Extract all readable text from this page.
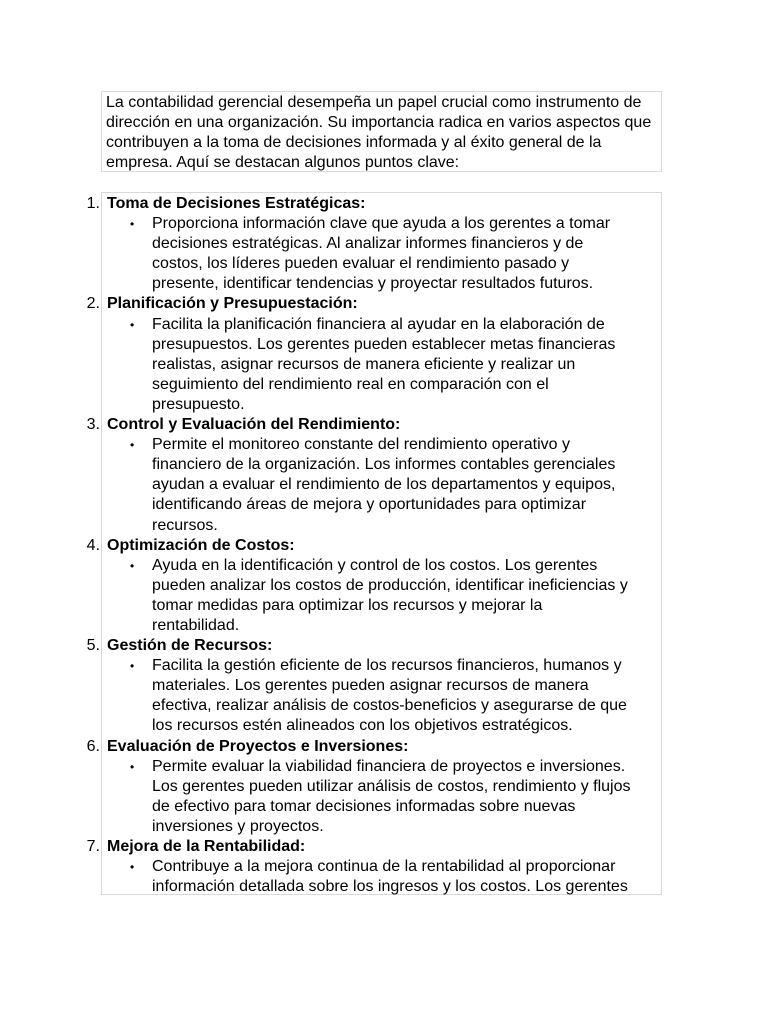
La contabilidad gerencial desempeña un papel crucial como instrumento de dirección en una organización. Su importancia radica en varios aspectos que contribuyen a la toma de decisiones informada y al éxito general de la empresa. Aquí se destacan algunos puntos clave:
1. Toma de Decisiones Estratégicas:
• Proporciona información clave que ayuda a los gerentes a tomar
decisiones estratégicas. Al analizar informes financieros y de
costos, los líderes pueden evaluar el rendimiento pasado y
presente, identificar tendencias y proyectar resultados futuros.
2. Planificación y Presupuestación:
• Facilita la planificación financiera al ayudar en la elaboración de
presupuestos. Los gerentes pueden establecer metas financieras
realistas, asignar recursos de manera eficiente y realizar un
seguimiento del rendimiento real en comparación con el
presupuesto.
3. Control y Evaluación del Rendimiento:
• Permite el monitoreo constante del rendimiento operativo y
financiero de la organización. Los informes contables gerenciales
ayudan a evaluar el rendimiento de los departamentos y equipos,
identificando áreas de mejora y oportunidades para optimizar
recursos.
4. Optimización de Costos:
• Ayuda en la identificación y control de los costos. Los gerentes
pueden analizar los costos de producción, identificar ineficiencias y
tomar medidas para optimizar los recursos y mejorar la
rentabilidad.
5. Gestión de Recursos:
• Facilita la gestión eficiente de los recursos financieros, humanos y
materiales. Los gerentes pueden asignar recursos de manera
efectiva, realizar análisis de costos-beneficios y asegurarse de que
los recursos estén alineados con los objetivos estratégicos.
6. Evaluación de Proyectos e Inversiones:
• Permite evaluar la viabilidad financiera de proyectos e inversiones.
Los gerentes pueden utilizar análisis de costos, rendimiento y flujos
de efectivo para tomar decisiones informadas sobre nuevas
inversiones y proyectos.
7. Mejora de la Rentabilidad:
• Contribuye a la mejora continua de la rentabilidad al proporcionar
información detallada sobre los ingresos y los costos. Los gerentes
